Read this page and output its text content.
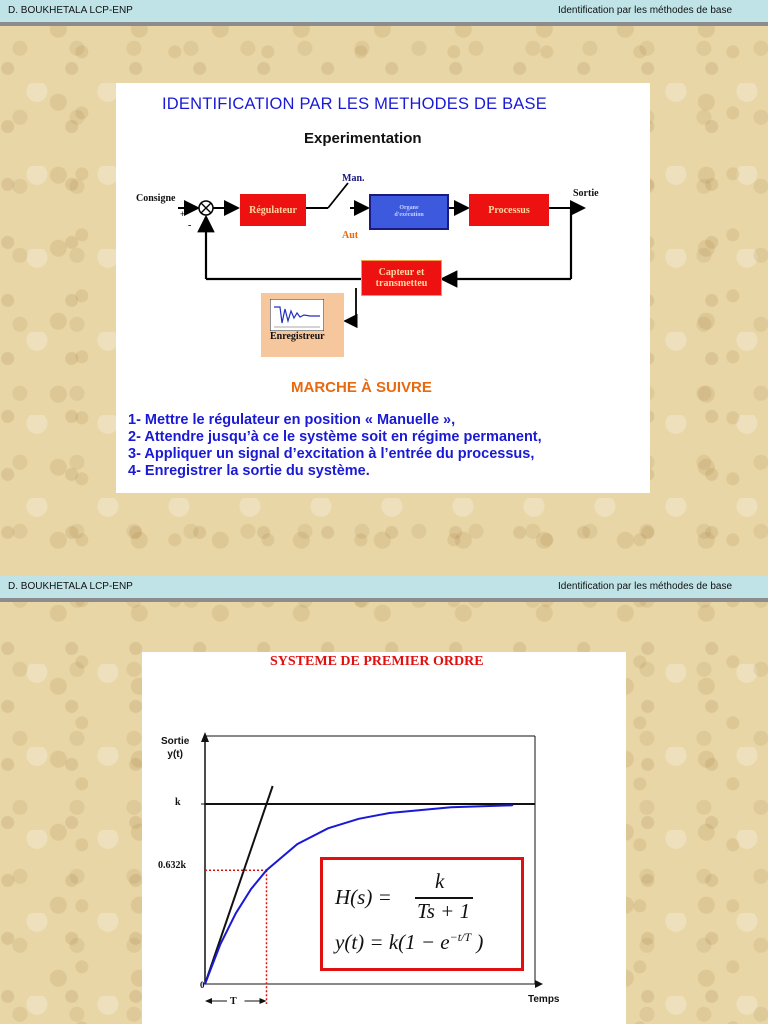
D. BOUKHETALA LCP-ENP	Identification par les méthodes de base
IDENTIFICATION PAR LES METHODES DE BASE
Experimentation
Consigne
+
-
Régulateur
Man.
Aut
Organe
d'exécution	Processus
Sortie
Capteur et
transmetteu
Enregistreur
MARCHE À SUIVRE
1- Mettre le régulateur en position « Manuelle »,
2- Attendre jusqu’à ce le système soit en régime permanent,
3- Appliquer un signal d’excitation à l’entrée du processus,
4- Enregistrer la sortie du système.
D. BOUKHETALA LCP-ENP	Identification par les méthodes de base
SYSTEME DE PREMIER ORDRE
Sortie
y(t)
k
0.632k
0
T	Temps
H(s) =
k
Ts + 1
$y(t) = k(1 - e^{-t/T}$ )
